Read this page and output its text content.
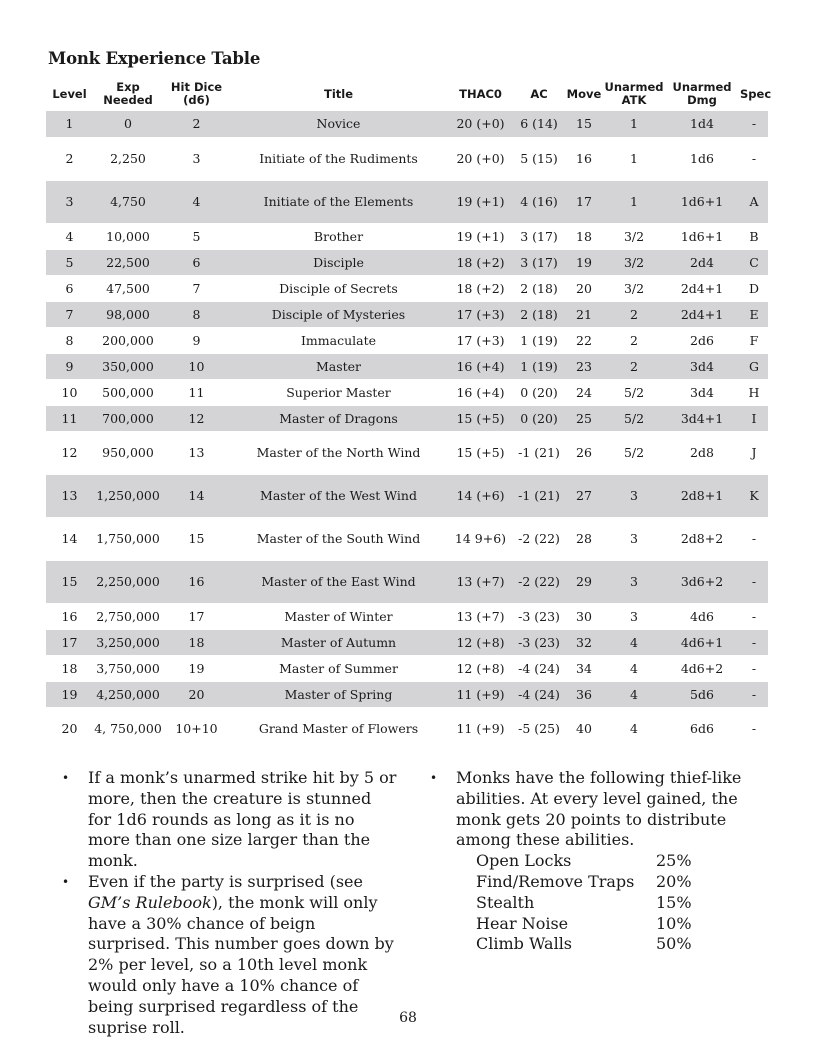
Monk Experience Table
Level	Exp Needed	Hit Dice (d6)	Title	THAC0	AC	Move	Unarmed ATK	Unarmed Dmg	Spec
1	0	2	Novice	20 (+0)	6 (14)	15	1	1d4	-
2	2,250	3	Initiate of the Rudiments	20 (+0)	5 (15)	16	1	1d6	-
3	4,750	4	Initiate of the Elements	19 (+1)	4 (16)	17	1	1d6+1	A
4	10,000	5	Brother	19 (+1)	3 (17)	18	3/2	1d6+1	B
5	22,500	6	Disciple	18 (+2)	3 (17)	19	3/2	2d4	C
6	47,500	7	Disciple of Secrets	18 (+2)	2 (18)	20	3/2	2d4+1	D
7	98,000	8	Disciple of Mysteries	17 (+3)	2 (18)	21	2	2d4+1	E
8	200,000	9	Immaculate	17 (+3)	1 (19)	22	2	2d6	F
9	350,000	10	Master	16 (+4)	1 (19)	23	2	3d4	G
10	500,000	11	Superior Master	16 (+4)	0 (20)	24	5/2	3d4	H
11	700,000	12	Master of Dragons	15 (+5)	0 (20)	25	5/2	3d4+1	I
12	950,000	13	Master of the North Wind	15 (+5)	-1 (21)	26	5/2	2d8	J
13	1,250,000	14	Master of the West Wind	14 (+6)	-1 (21)	27	3	2d8+1	K
14	1,750,000	15	Master of the South Wind	14 9+6)	-2 (22)	28	3	2d8+2	-
15	2,250,000	16	Master of the East Wind	13 (+7)	-2 (22)	29	3	3d6+2	-
16	2,750,000	17	Master of Winter	13 (+7)	-3 (23)	30	3	4d6	-
17	3,250,000	18	Master of Autumn	12 (+8)	-3 (23)	32	4	4d6+1	-
18	3,750,000	19	Master of Summer	12 (+8)	-4 (24)	34	4	4d6+2	-
19	4,250,000	20	Master of Spring	11 (+9)	-4 (24)	36	4	5d6	-
20	4, 750,000	10+10	Grand Master of Flowers	11 (+9)	-5 (25)	40	4	6d6	-
• If a monk’s unarmed strike hit by 5 or more, then the creature is stunned for 1d6 rounds as long as it is no more than one size larger than the monk.
• Even if the party is surprised (see GM’s Rulebook), the monk will only have a 30% chance of beign surprised. This number goes down by 2% per level, so a 10th level monk would only have a 10% chance of being surprised regardless of the suprise roll.
• Monks have the following thief-like abilities. At every level gained, the monk gets 20 points to distribute among these abilities.
Open Locks	25%
Find/Remove Traps	20%
Stealth	15%
Hear Noise	10%
Climb Walls	50%
68
